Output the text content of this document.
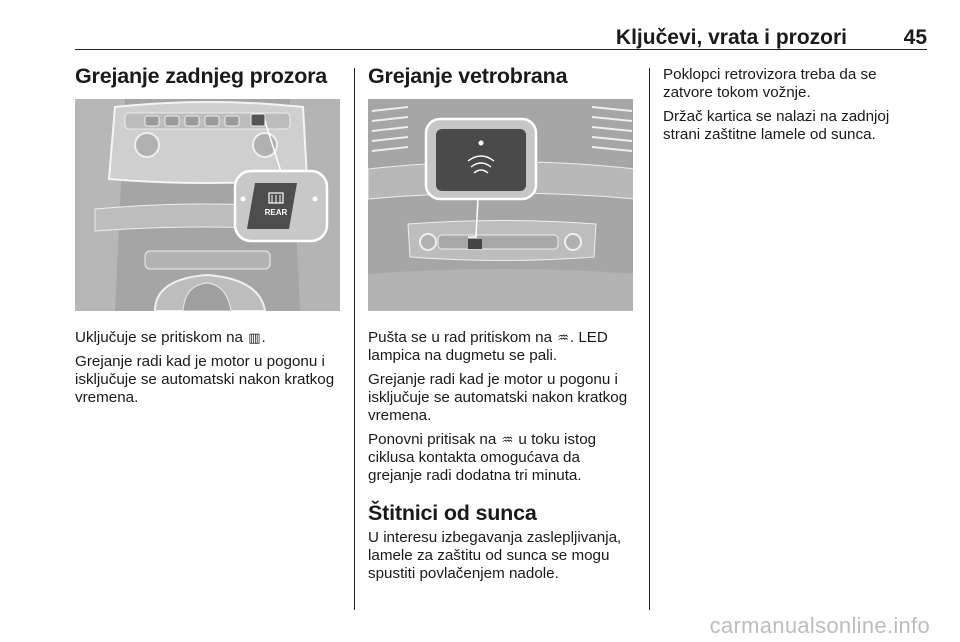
Ključevi, vrata i prozori	45
Grejanje zadnjeg prozora
REAR

Uključuje se pritiskom na ▥.

Grejanje radi kad je motor u pogonu i isključuje se automatski nakon kratkog vremena.

Grejanje vetrobrana

Pušta se u rad pritiskom na ♒. LED lampica na dugmetu se pali.

Grejanje radi kad je motor u pogonu i isključuje se automatski nakon kratkog vremena.

Ponovni pritisak na ♒ u toku istog ciklusa kontakta omogućava da grejanje radi dodatna tri minuta.

Štitnici od sunca

U interesu izbegavanja zaslepljivanja, lamele za zaštitu od sunca se mogu spustiti povlačenjem nadole.

Poklopci retrovizora treba da se zatvore tokom vožnje.

Držač kartica se nalazi na zadnjoj strani zaštitne lamele od sunca.

carmanualsonline.info
